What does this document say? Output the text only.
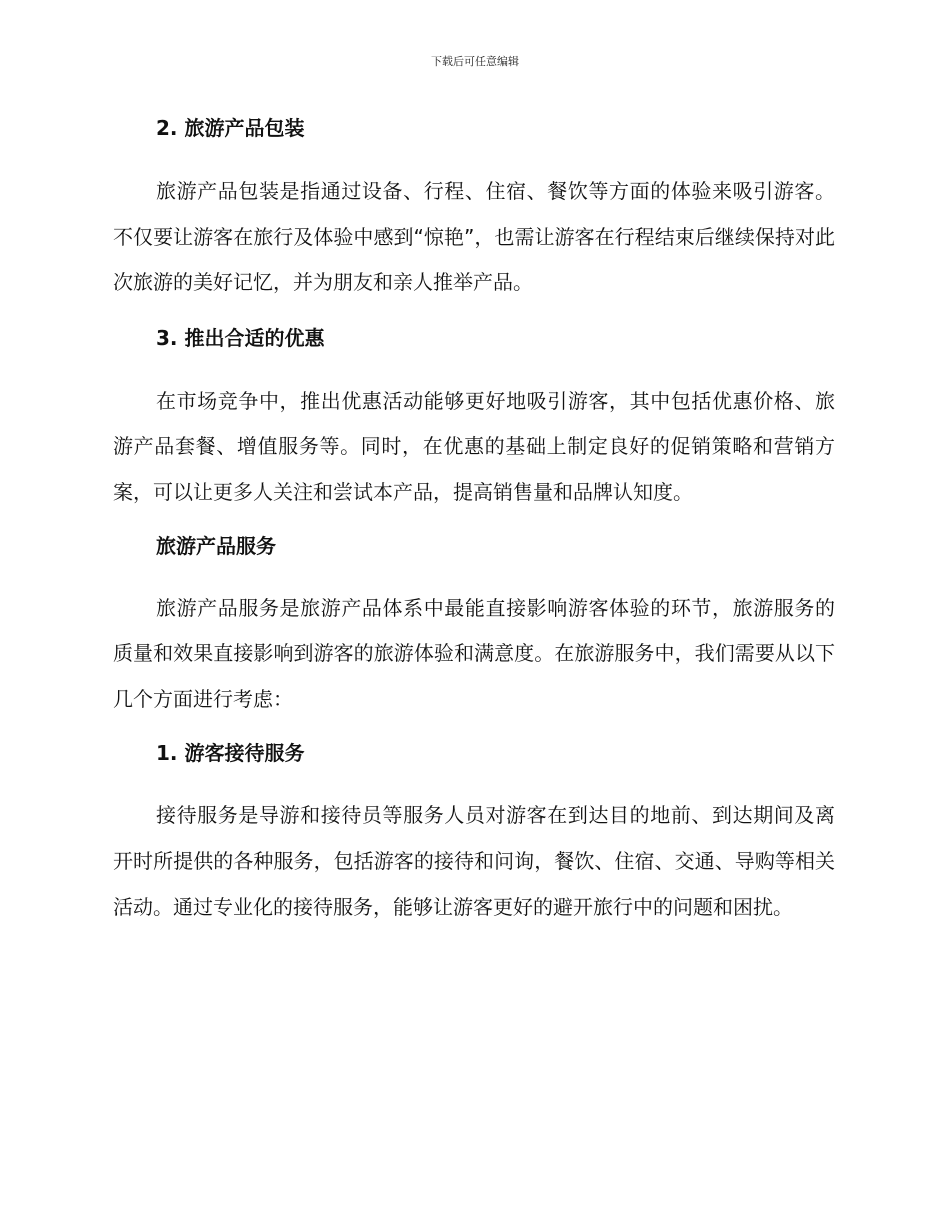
下载后可任意编辑
2. 旅游产品包装

旅游产品包装是指通过设备、行程、住宿、餐饮等方面的体验来吸引游客。不仅要让游客在旅行及体验中感到“惊艳”，也需让游客在行程结束后继续保持对此次旅游的美好记忆，并为朋友和亲人推举产品。

3. 推出合适的优惠

在市场竞争中，推出优惠活动能够更好地吸引游客，其中包括优惠价格、旅游产品套餐、增值服务等。同时，在优惠的基础上制定良好的促销策略和营销方案，可以让更多人关注和尝试本产品，提高销售量和品牌认知度。

旅游产品服务

旅游产品服务是旅游产品体系中最能直接影响游客体验的环节，旅游服务的质量和效果直接影响到游客的旅游体验和满意度。在旅游服务中，我们需要从以下几个方面进行考虑：

1. 游客接待服务

接待服务是导游和接待员等服务人员对游客在到达目的地前、到达期间及离开时所提供的各种服务，包括游客的接待和问询，餐饮、住宿、交通、导购等相关活动。通过专业化的接待服务，能够让游客更好的避开旅行中的问题和困扰。
